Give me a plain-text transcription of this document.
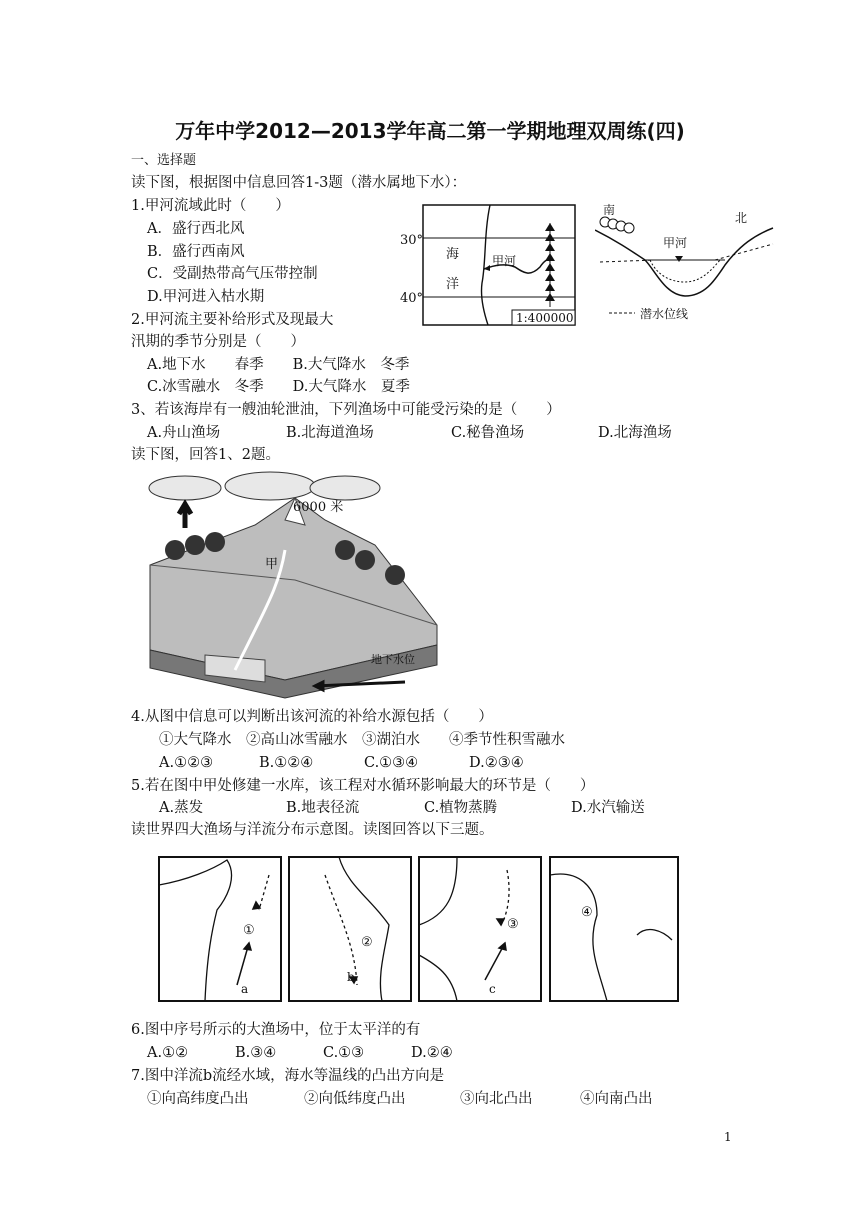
万年中学2012—2013学年高二第一学期地理双周练(四)
一、选择题
读下图，根据图中信息回答1-3题（潜水属地下水）：
1.甲河流域此时（　　）
A．盛行西北风
B．盛行西南风
C．受副热带高气压带控制
D.甲河进入枯水期
2.甲河流主要补给形式及现最大
汛期的季节分别是（　　）
A.地下水　　春季　　B.大气降水　冬季
C.冰雪融水　冬季　　D.大气降水　夏季
3、若该海岸有一艘油轮泄油，下列渔场中可能受污染的是（　　）
A.舟山渔场	B.北海道渔场	C.秘鲁渔场	D.北海渔场
读下图，回答1、2题。
30°
40°
海
洋
甲河
1:400000
南
北
甲河
潜水位线
6000 米
甲
地下水位
4.从图中信息可以判断出该河流的补给水源包括（　　）
①大气降水　②高山冰雪融水　③湖泊水　　④季节性积雪融水
A.①②③	B.①②④	C.①③④	D.②③④
5.若在图中甲处修建一水库，该工程对水循环影响最大的环节是（　　）
A.蒸发	B.地表径流	C.植物蒸腾	D.水汽输送
读世界四大渔场与洋流分布示意图。读图回答以下三题。
①
②
③
④
a
b
c
6.图中序号所示的大渔场中，位于太平洋的有
A.①②	B.③④	C.①③	D.②④
7.图中洋流b流经水域，海水等温线的凸出方向是
①向高纬度凸出	②向低纬度凸出	③向北凸出	④向南凸出
1
